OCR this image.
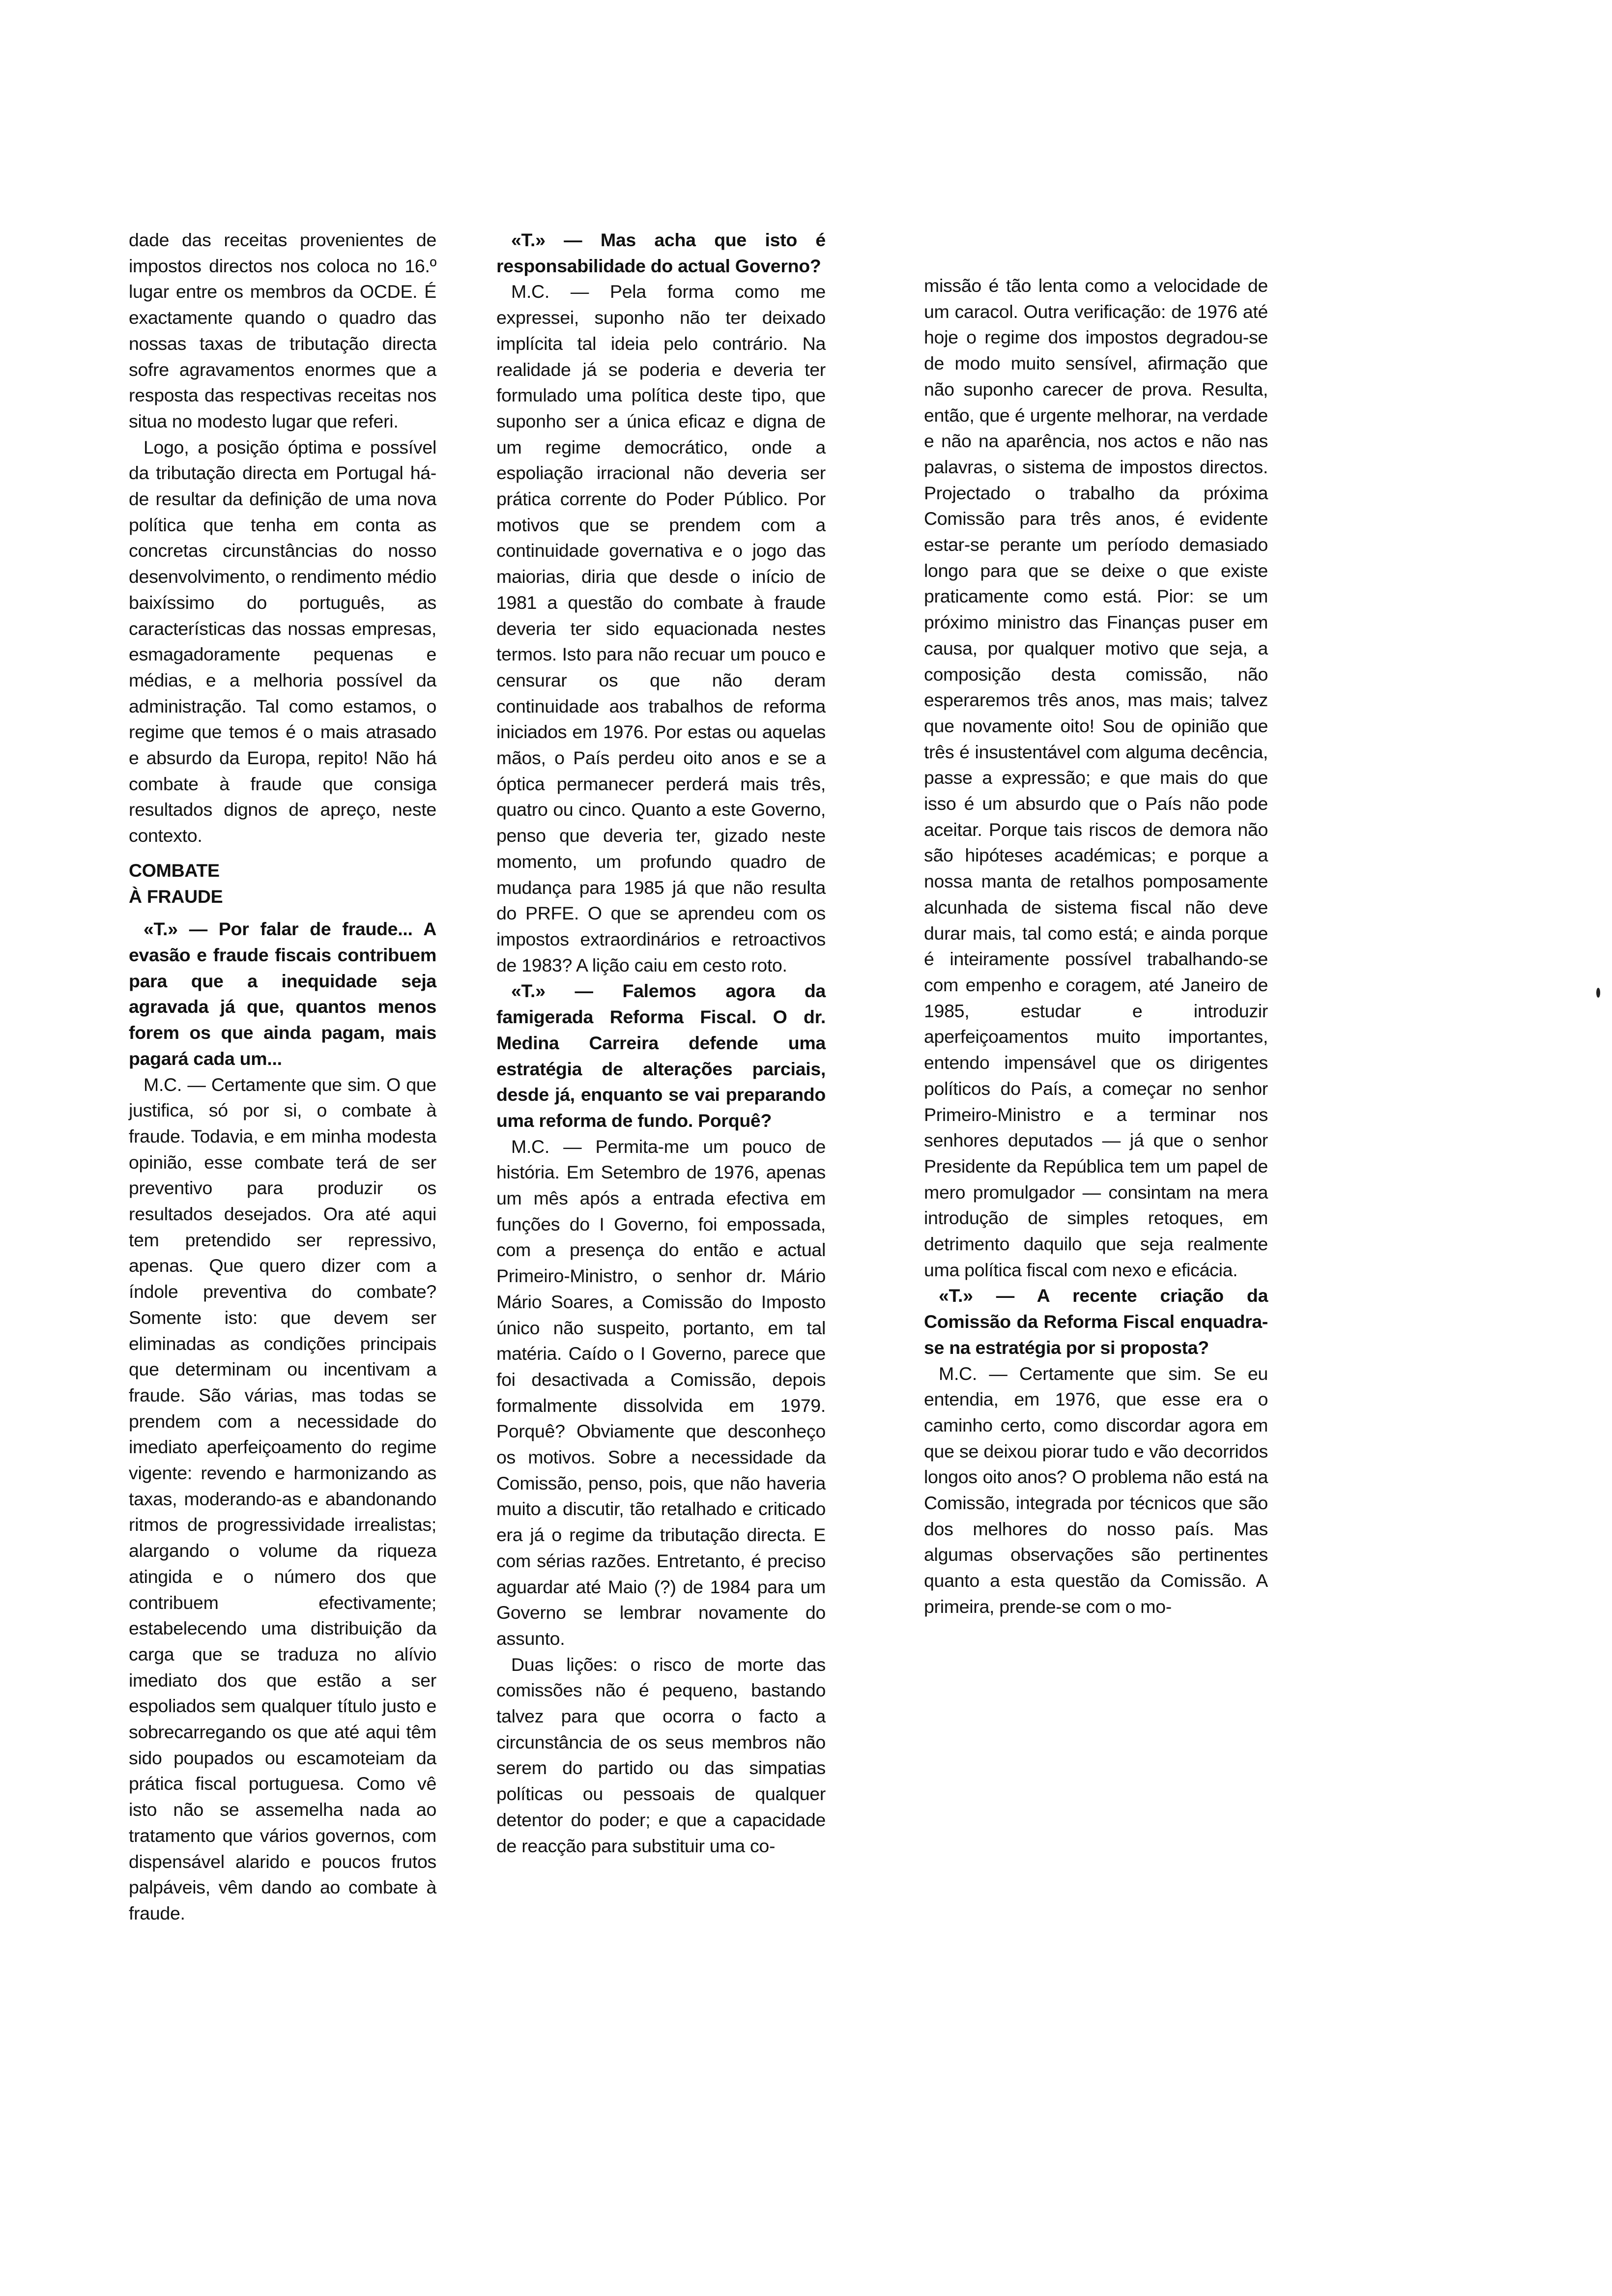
dade das receitas provenientes de impostos directos nos coloca no 16.º lugar entre os membros da OCDE. É exactamente quando o quadro das nossas taxas de tributação directa sofre agravamentos enormes que a resposta das respectivas receitas nos situa no modesto lugar que referi.

Logo, a posição óptima e possível da tributação directa em Portugal há-de resultar da definição de uma nova política que tenha em conta as concretas circunstâncias do nosso desenvolvimento, o rendimento médio baixíssimo do português, as características das nossas empresas, esmagadoramente pequenas e médias, e a melhoria possível da administração. Tal como estamos, o regime que temos é o mais atrasado e absurdo da Europa, repito! Não há combate à fraude que consiga resultados dignos de apreço, neste contexto.

COMBATE
À FRAUDE

«T.» — Por falar de fraude... A evasão e fraude fiscais contribuem para que a inequidade seja agravada já que, quantos menos forem os que ainda pagam, mais pagará cada um...

M.C. — Certamente que sim. O que justifica, só por si, o combate à fraude. Todavia, e em minha modesta opinião, esse combate terá de ser preventivo para produzir os resultados desejados. Ora até aqui tem pretendido ser repressivo, apenas. Que quero dizer com a índole preventiva do combate? Somente isto: que devem ser eliminadas as condições principais que determinam ou incentivam a fraude. São várias, mas todas se prendem com a necessidade do imediato aperfeiçoamento do regime vigente: revendo e harmonizando as taxas, moderando-as e abandonando ritmos de progressividade irrealistas; alargando o volume da riqueza atingida e o número dos que contribuem efectivamente; estabelecendo uma distribuição da carga que se traduza no alívio imediato dos que estão a ser espoliados sem qualquer título justo e sobrecarregando os que até aqui têm sido poupados ou escamoteiam da prática fiscal portuguesa. Como vê isto não se assemelha nada ao tratamento que vários governos, com dispensável alarido e poucos frutos palpáveis, vêm dando ao combate à fraude.

«T.» — Mas acha que isto é responsabilidade do actual Governo?

M.C. — Pela forma como me expressei, suponho não ter deixado implícita tal ideia pelo contrário. Na realidade já se poderia e deveria ter formulado uma política deste tipo, que suponho ser a única eficaz e digna de um regime democrático, onde a espoliação irracional não deveria ser prática corrente do Poder Público. Por motivos que se prendem com a continuidade governativa e o jogo das maiorias, diria que desde o início de 1981 a questão do combate à fraude deveria ter sido equacionada nestes termos. Isto para não recuar um pouco e censurar os que não deram continuidade aos trabalhos de reforma iniciados em 1976. Por estas ou aquelas mãos, o País perdeu oito anos e se a óptica permanecer perderá mais três, quatro ou cinco. Quanto a este Governo, penso que deveria ter, gizado neste momento, um profundo quadro de mudança para 1985 já que não resulta do PRFE. O que se aprendeu com os impostos extraordinários e retroactivos de 1983? A lição caiu em cesto roto.

«T.» — Falemos agora da famigerada Reforma Fiscal. O dr. Medina Carreira defende uma estratégia de alterações parciais, desde já, enquanto se vai preparando uma reforma de fundo. Porquê?

M.C. — Permita-me um pouco de história. Em Setembro de 1976, apenas um mês após a entrada efectiva em funções do I Governo, foi empossada, com a presença do então e actual Primeiro-Ministro, o senhor dr. Mário Mário Soares, a Comissão do Imposto único não suspeito, portanto, em tal matéria. Caído o I Governo, parece que foi desactivada a Comissão, depois formalmente dissolvida em 1979. Porquê? Obviamente que desconheço os motivos. Sobre a necessidade da Comissão, penso, pois, que não haveria muito a discutir, tão retalhado e criticado era já o regime da tributação directa. E com sérias razões. Entretanto, é preciso aguardar até Maio (?) de 1984 para um Governo se lembrar novamente do assunto.

Duas lições: o risco de morte das comissões não é pequeno, bastando talvez para que ocorra o facto a circunstância de os seus membros não serem do partido ou das simpatias políticas ou pessoais de qualquer detentor do poder; e que a capacidade de reacção para substituir uma co-

missão é tão lenta como a velocidade de um caracol. Outra verificação: de 1976 até hoje o regime dos impostos degradou-se de modo muito sensível, afirmação que não suponho carecer de prova. Resulta, então, que é urgente melhorar, na verdade e não na aparência, nos actos e não nas palavras, o sistema de impostos directos. Projectado o trabalho da próxima Comissão para três anos, é evidente estar-se perante um período demasiado longo para que se deixe o que existe praticamente como está. Pior: se um próximo ministro das Finanças puser em causa, por qualquer motivo que seja, a composição desta comissão, não esperaremos três anos, mas mais; talvez que novamente oito! Sou de opinião que três é insustentável com alguma decência, passe a expressão; e que mais do que isso é um absurdo que o País não pode aceitar. Porque tais riscos de demora não são hipóteses académicas; e porque a nossa manta de retalhos pomposamente alcunhada de sistema fiscal não deve durar mais, tal como está; e ainda porque é inteiramente possível trabalhando-se com empenho e coragem, até Janeiro de 1985, estudar e introduzir aperfeiçoamentos muito importantes, entendo impensável que os dirigentes políticos do País, a começar no senhor Primeiro-Ministro e a terminar nos senhores deputados — já que o senhor Presidente da República tem um papel de mero promulgador — consintam na mera introdução de simples retoques, em detrimento daquilo que seja realmente uma política fiscal com nexo e eficácia.

«T.» — A recente criação da Comissão da Reforma Fiscal enquadra-se na estratégia por si proposta?

M.C. — Certamente que sim. Se eu entendia, em 1976, que esse era o caminho certo, como discordar agora em que se deixou piorar tudo e vão decorridos longos oito anos? O problema não está na Comissão, integrada por técnicos que são dos melhores do nosso país. Mas algumas observações são pertinentes quanto a esta questão da Comissão. A primeira, prende-se com o mo-
